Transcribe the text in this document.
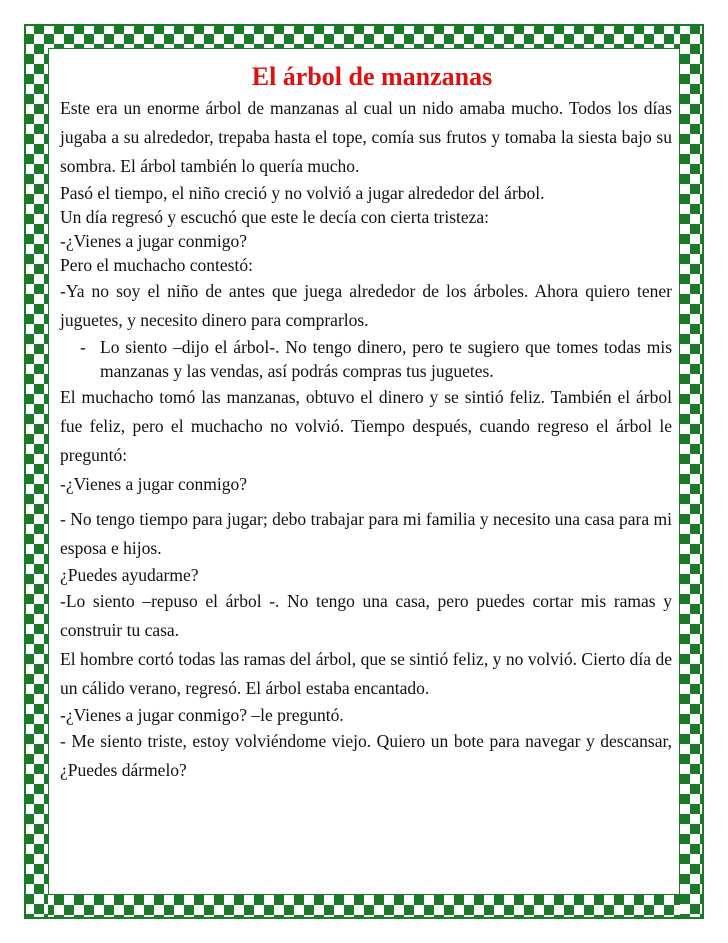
El árbol de manzanas

Este era un enorme árbol de manzanas al cual un nido amaba mucho. Todos los días jugaba a su alrededor, trepaba hasta el tope, comía sus frutos y tomaba la siesta bajo su sombra. El árbol también lo quería mucho.

Pasó el tiempo, el niño creció y no volvió a jugar alrededor del árbol.

Un día regresó y escuchó que este le decía con cierta tristeza:

-¿Vienes a jugar conmigo?

Pero el muchacho contestó:

-Ya no soy el niño de antes que juega alrededor de los árboles. Ahora quiero tener juguetes, y necesito dinero para comprarlos.

- Lo siento –dijo el árbol-. No tengo dinero, pero te sugiero que tomes todas mis manzanas y las vendas, así podrás compras tus juguetes.

El muchacho tomó las manzanas, obtuvo el dinero y se sintió feliz. También el árbol fue feliz, pero el muchacho no volvió. Tiempo después, cuando regreso el árbol le preguntó:

-¿Vienes a jugar conmigo?

- No tengo tiempo para jugar; debo trabajar para mi familia y necesito una casa para mi esposa e hijos.

¿Puedes ayudarme?

-Lo siento –repuso el árbol -. No tengo una casa, pero puedes cortar mis ramas y construir tu casa.

El hombre cortó todas las ramas del árbol, que se sintió feliz, y no volvió. Cierto día de un cálido verano, regresó. El árbol estaba encantado.

-¿Vienes a jugar conmigo? –le preguntó.

- Me siento triste, estoy volviéndome viejo. Quiero un bote para navegar y descansar, ¿Puedes dármelo?
